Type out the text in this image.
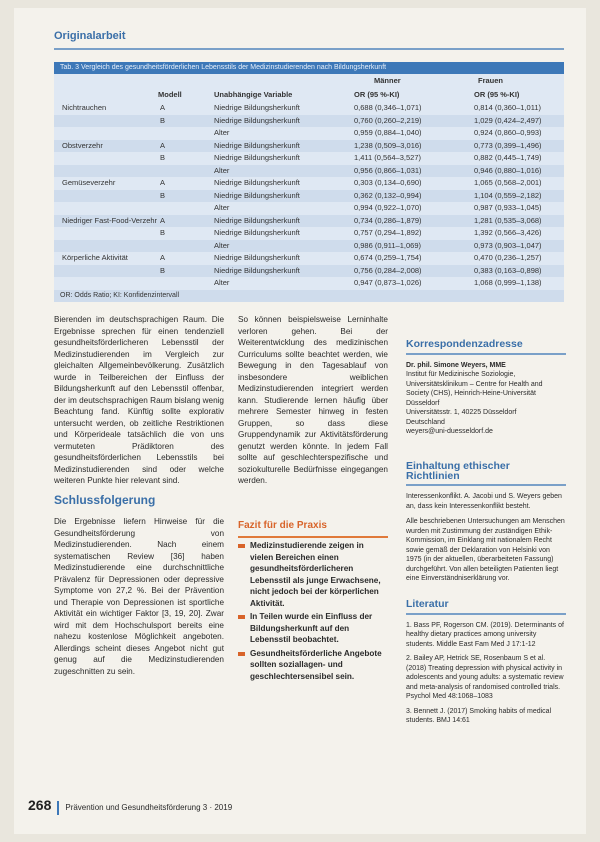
Originalarbeit
Tab. 3 Vergleich des gesundheitsförderlichen Lebensstils der Medizinstudierenden nach Bildungsherkunft
Männer	Frauen
Modell	Unabhängige Variable	OR (95 %-KI)	OR (95 %-KI)
Nichtrauchen	A	Niedrige Bildungsherkunft	0,688 (0,346–1,071)	0,814 (0,360–1,011)
B	Niedrige Bildungsherkunft	0,760 (0,260–2,219)	1,029 (0,424–2,497)
Alter	0,959 (0,884–1,040)	0,924 (0,860–0,993)
Obstverzehr	A	Niedrige Bildungsherkunft	1,238 (0,509–3,016)	0,773 (0,399–1,496)
B	Niedrige Bildungsherkunft	1,411 (0,564–3,527)	0,882 (0,445–1,749)
Alter	0,956 (0,866–1,031)	0,946 (0,880–1,016)
Gemüseverzehr	A	Niedrige Bildungsherkunft	0,303 (0,134–0,690)	1,065 (0,568–2,001)
B	Niedrige Bildungsherkunft	0,362 (0,132–0,994)	1,104 (0,559–2,182)
Alter	0,994 (0,922–1,070)	0,987 (0,933–1,045)
Niedriger Fast-Food-Verzehr A	Niedrige Bildungsherkunft	0,734 (0,286–1,879)	1,281 (0,535–3,068)
B	Niedrige Bildungsherkunft	0,757 (0,294–1,892)	1,392 (0,566–3,426)
Alter	0,986 (0,911–1,069)	0,973 (0,903–1,047)
Körperliche Aktivität	A	Niedrige Bildungsherkunft	0,674 (0,259–1,754)	0,470 (0,236–1,257)
B	Niedrige Bildungsherkunft	0,756 (0,284–2,008)	0,383 (0,163–0,898)
Alter	0,947 (0,873–1,026)	1,068 (0,999–1,138)
OR: Odds Ratio; KI: Konfidenzintervall

Bierenden im deutschsprachigen Raum. Die Ergebnisse sprechen für einen tendenziell gesundheitsförderlicheren Lebensstil der Medizinstudierenden im Vergleich zur gleichalten Allgemeinbevölkerung. Zusätzlich wurde in Teilbereichen der Einfluss der Bildungsherkunft auf den Lebensstil offenbar, der im deutschsprachigen Raum bislang wenig Beachtung fand. Künftig sollte explorativ untersucht werden, ob zeitliche Restriktionen und Körperideale tatsächlich die von uns vermuteten Prädiktoren des gesundheitsförderlichen Lebensstils bei Medizinstudierenden sind oder welche weiteren Punkte hier relevant sind.

Schlussfolgerung

Die Ergebnisse liefern Hinweise für die Gesundheitsförderung von Medizinstudierenden. Nach einem systematischen Review [36] haben Medizinstudierende eine durchschnittliche Prävalenz für Depressionen oder depressive Symptome von 27,2 %. Bei der Prävention und Therapie von Depressionen ist sportliche Aktivität ein wichtiger Faktor [3, 19, 20]. Zwar wird mit dem Hochschulsport bereits eine nahezu kostenlose Möglichkeit angeboten. Allerdings scheint dieses Angebot nicht gut genug auf die Medizinstudierenden zugeschnitten zu sein.

So können beispielsweise Lerninhalte verloren gehen. Bei der Weiterentwicklung des medizinischen Curriculums sollte beachtet werden, wie Bewegung in den Tagesablauf von insbesondere weiblichen Medizinstudierenden integriert werden kann. Studierende lernen häufig über mehrere Semester hinweg in festen Gruppen, so dass diese Gruppendynamik zur Aktivitätsförderung genutzt werden könnte. In jedem Fall sollte auf geschlechterspezifische und soziokulturelle Bedürfnisse eingegangen werden.

Fazit für die Praxis
Medizinstudierende zeigen in vielen Bereichen einen gesundheitsförderlicheren Lebensstil als junge Erwachsene, nicht jedoch bei der körperlichen Aktivität.
In Teilen wurde ein Einfluss der Bildungsherkunft auf den Lebensstil beobachtet.
Gesundheitsförderliche Angebote sollten soziallagen- und geschlechtersensibel sein.
Korrespondenzadresse
Dr. phil. Simone Weyers, MME
Institut für Medizinische Soziologie,
Universitätsklinikum – Centre for Health and
Society (CHS), Heinrich-Heine-Universität
Düsseldorf
Universitätsstr. 1, 40225 Düsseldorf
Deutschland
weyers@uni-duesseldorf.de
Einhaltung ethischer Richtlinien
Interessenkonflikt. A. Jacobi und S. Weyers geben an, dass kein Interessenkonflikt besteht.
Alle beschriebenen Untersuchungen am Menschen wurden mit Zustimmung der zuständigen Ethik-Kommission, im Einklang mit nationalem Recht sowie gemäß der Deklaration von Helsinki von 1975 (in der aktuellen, überarbeiteten Fassung) durchgeführt. Von allen beteiligten Patienten liegt eine Einverständniserklärung vor.
Literatur
1. Bass PF, Rogerson CM. (2019). Determinants of healthy dietary practices among university students. Middle East Fam Med J 17:1-12
2. Bailey AP, Hetrick SE, Rosenbaum S et al. (2018) Treating depression with physical activity in adolescents and young adults: a systematic review and meta-analysis of randomised controlled trials. Psychol Med 48:1068–1083
3. Bennett J. (2017) Smoking habits of medical students. BMJ 14:61
268 Prävention und Gesundheitsförderung 3 · 2019
